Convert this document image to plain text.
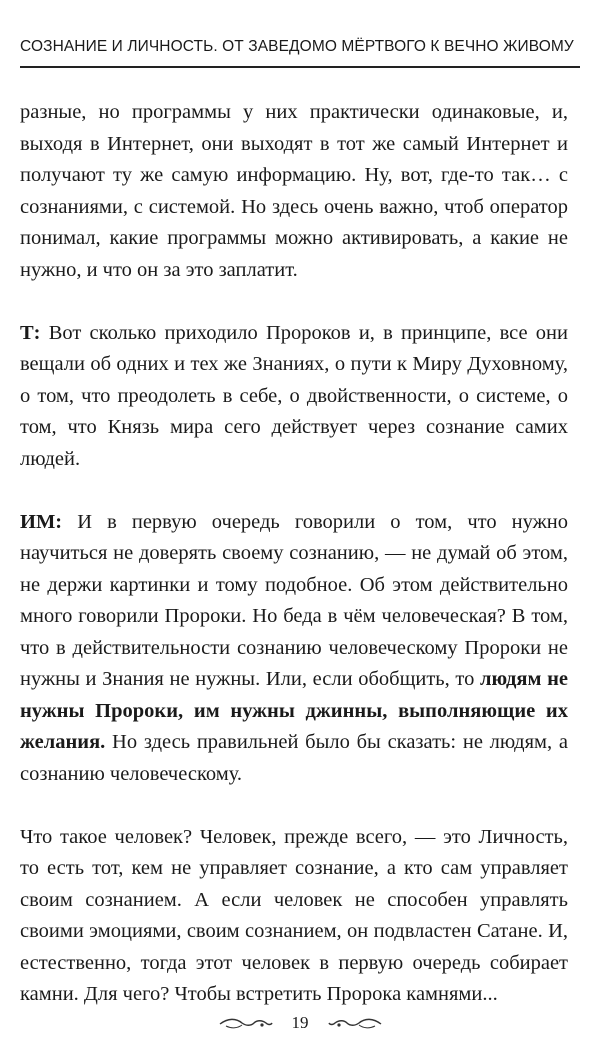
СОЗНАНИЕ И ЛИЧНОСТЬ. ОТ ЗАВЕДОМО МЁРТВОГО К ВЕЧНО ЖИВОМУ

разные, но программы у них практически одинаковые, и, выходя в Интернет, они выходят в тот же самый Интернет и получают ту же самую информацию. Ну, вот, где-то так… с сознаниями, с системой. Но здесь очень важно, чтоб оператор понимал, какие программы можно активировать, а какие не нужно, и что он за это заплатит.

Т: Вот сколько приходило Пророков и, в принципе, все они вещали об одних и тех же Знаниях, о пути к Миру Духовному, о том, что преодолеть в себе, о двойственности, о системе, о том, что Князь мира сего действует через сознание самих людей.

ИМ: И в первую очередь говорили о том, что нужно научиться не доверять своему сознанию, — не думай об этом, не держи картинки и тому подобное. Об этом действительно много говорили Пророки. Но беда в чём человеческая? В том, что в действительности сознанию человеческому Пророки не нужны и Знания не нужны. Или, если обобщить, то людям не нужны Пророки, им нужны джинны, выполняющие их желания. Но здесь правильней было бы сказать: не людям, а сознанию человеческому.

Что такое человек? Человек, прежде всего, — это Личность, то есть тот, кем не управляет сознание, а кто сам управляет своим сознанием. А если человек не способен управлять своими эмоциями, своим сознанием, он подвластен Сатане. И, естественно, тогда этот человек в первую очередь собирает камни. Для чего? Чтобы встретить Пророка камнями...

19
